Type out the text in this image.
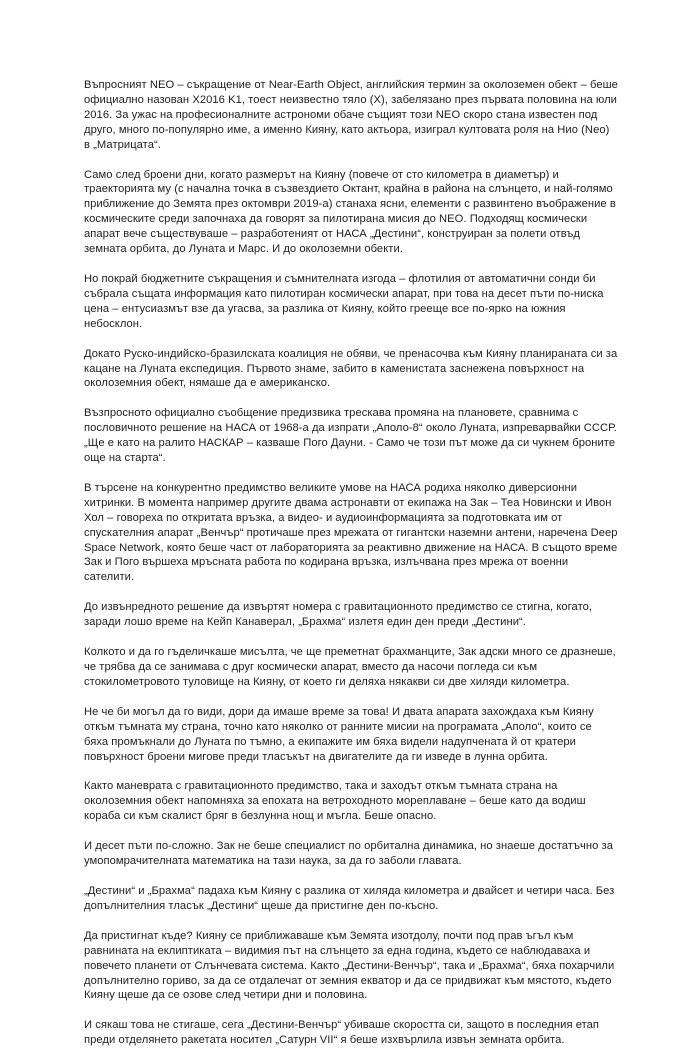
Въпросният NEO – съкращение от Near-Earth Object, английския термин за околоземен обект – беше официално назован X2016 K1, тоест неизвестно тяло (X), забелязано през първата половина на юли 2016. За ужас на професионалните астрономи обаче същият този NEO скоро стана известен под друго, много по-популярно име, а именно Кияну, като актьора, изиграл култовата роля на Нио (Neo) в „Матрицата“.

Само след броени дни, когато размерът на Кияну (повече от сто километра в диаметър) и траекторията му (с начална точка в съзвездието Октант, крайна в района на слънцето, и най-голямо приближение до Земята през октомври 2019-а) станаха ясни, елементи с развинтено въображение в космическите среди започнаха да говорят за пилотирана мисия до NEO. Подходящ космически апарат вече съществуваше – разработеният от НАСА „Дестини“, конструиран за полети отвъд земната орбита, до Луната и Марс. И до околоземни обекти.

Но покрай бюджетните съкращения и съмнителната изгода – флотилия от автоматични сонди би събрала същата информация като пилотиран космически апарат, при това на десет пъти по-ниска цена – ентусиазмът взе да угасва, за разлика от Кияну, който греещe все по-ярко на южния небосклон.

Докато Руско-индийско-бразилската коалиция не обяви, че пренасочва към Кияну планираната си за кацане на Луната експедиция. Първото знаме, забито в каменистата заснежена повърхност на околоземния обект, нямаше да е американско.

Възпросното официално съобщение предизвика трескава промяна на плановете, сравнима с пословичното решение на НАСА от 1968-а да изпрати „Аполо-8“ около Луната, изпреварвайки СССР. „Ще е като на ралито НАСКАР – казваше Пого Дауни. - Само че този път може да си чукнем броните още на старта“.

В търсене на конкурентно предимство великите умове на НАСА родиха няколко диверсионни хитринки. В момента например другите двама астронавти от екипажа на Зак – Теа Новински и Ивон Хол – говореха по откритата връзка, а видео- и аудиоинформацията за подготовката им от спускателния апарат „Венчър“ протичаше през мрежата от гигантски наземни антени, наречена Deep Space Network, която беше част от лабораторията за реактивно движение на НАСА. В същото време Зак и Пого вършеха мръсната работа по кодирана връзка, излъчвана през мрежа от военни сателити.

До извънредното решение да извъртят номера с гравитационното предимство се стигна, когато, заради лошо време на Кейп Канаверал, „Брахма“ излетя един ден преди „Дестини“.

Колкото и да го гъделичкаше мисълта, че ще преметнат брахманците, Зак адски много се дразнеше, че трябва да се занимава с друг космически апарат, вместо да насочи погледа си към стокилометровото туловище на Кияну, от което ги деляха някакви си две хиляди километра.

Не че би могъл да го види, дори да имаше време за това! И двата апарата захождаха към Кияну откъм тъмната му страна, точно като няколко от ранните мисии на програмата „Аполо“, които се бяха промъкнали до Луната по тъмно, а екипажите им бяха видели надупчената й от кратери повърхност броени мигове преди тласъкът на двигателите да ги изведе в лунна орбита.

Както маневрата с гравитационното предимство, така и заходът откъм тъмната страна на околоземния обект напомняха за епохата на ветроходното мореплаване – беше като да водиш кораба си към скалист бряг в безлунна нощ и мъгла. Беше опасно.

И десет пъти по-сложно. Зак не беше специалист по орбитална динамика, но знаеше достатъчно за умопомрачителната математика на тази наука, за да го заболи главата.

„Дестини“ и „Брахма“ падаха към Кияну с разлика от хиляда километра и двайсет и четири часа. Без допълнителния тласък „Дестини“ щеше да пристигне ден по-късно.

Да пристигнат къде? Кияну се приближаваше към Земята изотдолу, почти под прав ъгъл към равнината на еклиптиката – видимия път на слънцето за една година, където се наблюдаваха и повечето планети от Слънчевата система. Както „Дестини-Венчър“, така и „Брахма“, бяха похарчили допълнително гориво, за да се отдалечат от земния екватор и да се придвижат към мястото, където Кияну щеше да се озове след четири дни и половина.

И сякаш това не стигаше, сега „Дестини-Венчър“ убиваше скоростта си, защото в последния етап преди отделянето ракетата носител „Сатурн VII“ я беше изхвърлила извън земната орбита.
